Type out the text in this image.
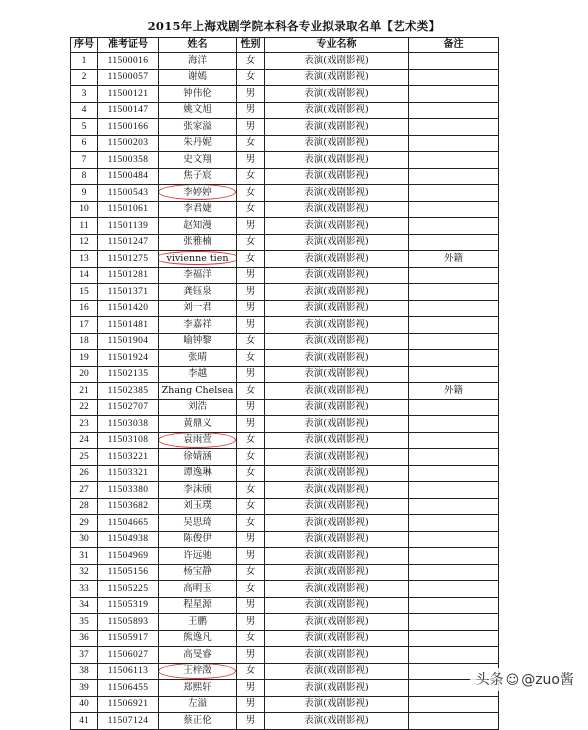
2015年上海戏剧学院本科各专业拟录取名单【艺术类】
序号	准考证号	姓名	性别	专业名称	备注
1	11500016	海洋	女	表演(戏剧影视)	
2	11500057	谢嫣	女	表演(戏剧影视)	
3	11500121	钟伟伦	男	表演(戏剧影视)	
4	11500147	姚文旭	男	表演(戏剧影视)	
5	11500166	张家溢	男	表演(戏剧影视)	
6	11500203	朱丹妮	女	表演(戏剧影视)	
7	11500358	史文翔	男	表演(戏剧影视)	
8	11500484	焦子宸	女	表演(戏剧影视)	
9	11500543	李婷婷	女	表演(戏剧影视)	
10	11501061	李君婕	女	表演(戏剧影视)	
11	11501139	赵知漫	男	表演(戏剧影视)	
12	11501247	张雅楠	女	表演(戏剧影视)	
13	11501275	vivienne tien	女	表演(戏剧影视)	外籍
14	11501281	李福洋	男	表演(戏剧影视)	
15	11501371	龚钰泉	男	表演(戏剧影视)	
16	11501420	刘一君	男	表演(戏剧影视)	
17	11501481	李嘉祥	男	表演(戏剧影视)	
18	11501904	喻钟黎	女	表演(戏剧影视)	
19	11501924	张晴	女	表演(戏剧影视)	
20	11502135	李越	男	表演(戏剧影视)	
21	11502385	Zhang Chelsea	女	表演(戏剧影视)	外籍
22	11502707	刘浩	男	表演(戏剧影视)	
23	11503038	黄鼎义	男	表演(戏剧影视)	
24	11503108	袁雨萱	女	表演(戏剧影视)	
25	11503221	徐婧涵	女	表演(戏剧影视)	
26	11503321	谭逸琳	女	表演(戏剧影视)	
27	11503380	李沫颀	女	表演(戏剧影视)	
28	11503682	刘玉璞	女	表演(戏剧影视)	
29	11504665	吴思琦	女	表演(戏剧影视)	
30	11504938	陈俊伊	男	表演(戏剧影视)	
31	11504969	许远驰	男	表演(戏剧影视)	
32	11505156	杨宝静	女	表演(戏剧影视)	
33	11505225	高明玉	女	表演(戏剧影视)	
34	11505319	程星源	男	表演(戏剧影视)	
35	11505893	王鹏	男	表演(戏剧影视)	
36	11505917	熊逸凡	女	表演(戏剧影视)	
37	11506027	高旻睿	男	表演(戏剧影视)	
38	11506113	王梓澂	女	表演(戏剧影视)	
39	11506455	郑熙轩	男	表演(戏剧影视)	
40	11506921	左溢	男	表演(戏剧影视)	
41	11507124	蔡正伦	男	表演(戏剧影视)	
头条 ☺ @zuo酱
